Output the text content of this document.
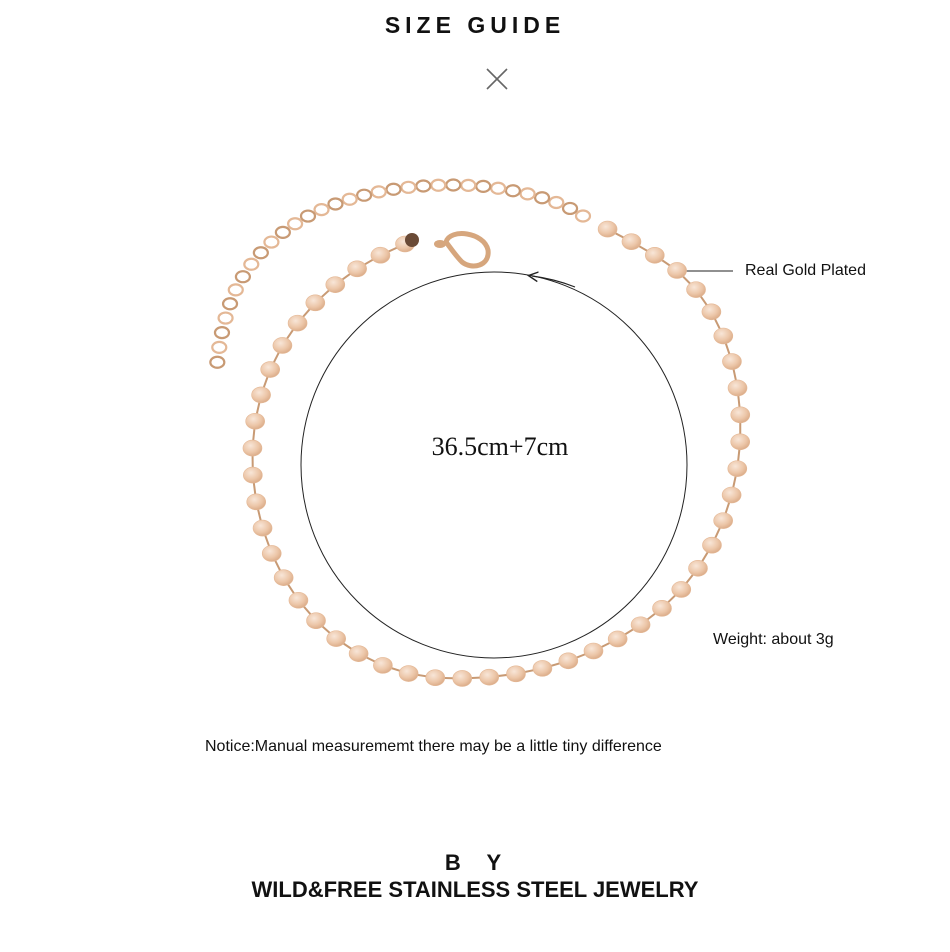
SIZE GUIDE
36.5cm+7cm
Real Gold Plated
Weight: about 3g
Notice:Manual measurememt there may be a little tiny difference
B Y
WILD&FREE STAINLESS STEEL JEWELRY
